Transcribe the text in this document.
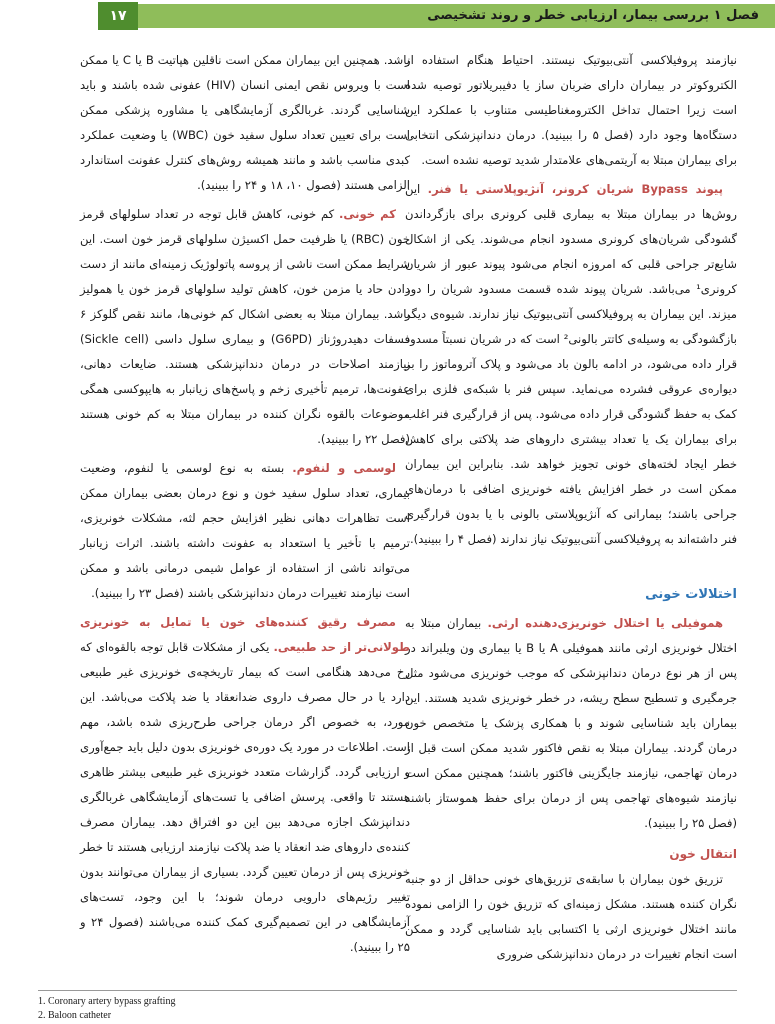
فصل ۱ بررسی بیمار، ارزیابی خطر و روند تشخیصی
۱۷

نیازمند پروفیلاکسی آنتی‌بیوتیک نیستند. احتیاط هنگام استفاده از الکتروکوتر در بیماران دارای ضربان ساز یا دفیبریلاتور توصیه شده است زیرا احتمال تداخل الکترومغناطیسی متناوب با عملکرد این دستگاه‌ها وجود دارد (فصل ۵ را ببینید). درمان دندانپزشکی انتخابی برای بیماران مبتلا به آریتمی‌های علامتدار شدید توصیه نشده است.

پیوند Bypass شریان کرونر، آنژیوپلاستی یا فنر. این روش‌ها در بیماران مبتلا به بیماری قلبی کرونری برای بازگرداندن گشودگی شریان‌های کرونری مسدود انجام می‌شوند. یکی از اشکال شایع‌تر جراحی قلبی که امروزه انجام می‌شود پیوند عبور از شریان کرونری¹ می‌باشد. شریان پیوند شده قسمت مسدود شریان را دور میزند. این بیماران به پروفیلاکسی آنتی‌بیوتیک نیاز ندارند. شیوه‌ی دیگر بازگشودگی به وسیله‌ی کاتتر بالونی² است که در شریان نسبتاً مسدود قرار داده می‌شود، در ادامه بالون باد می‌شود و پلاک آتروماتوز را بر دیواره‌ی عروقی فشرده می‌نماید. سپس فنر با شبکه‌ی فلزی برای کمک به حفظ گشودگی قرار داده می‌شود. پس از قرارگیری فنر اغلب برای بیماران یک یا تعداد بیشتری داروهای ضد پلاکتی برای کاهش خطر ایجاد لخته‌های خونی تجویز خواهد شد. بنابراین این بیماران ممکن است در خطر افزایش یافته خونریزی اضافی با درمان‌های جراحی باشند؛ بیمارانی که آنژیوپلاستی بالونی با یا بدون قرارگیری فنر داشته‌اند به پروفیلاکسی آنتی‌بیوتیک نیاز ندارند (فصل ۴ را ببینید).

اختلالات خونی

هموفیلی یا اختلال خونریزی‌دهنده ارثی. بیماران مبتلا به اختلال خونریزی ارثی مانند هموفیلی A یا B یا بیماری ون ویلبراند در پس از هر نوع درمان دندانپزشکی که موجب خونریزی می‌شود مثل جرمگیری و تسطیح سطح ریشه، در خطر خونریزی شدید هستند. این بیماران باید شناسایی شوند و با همکاری پزشک یا متخصص خون درمان گردند. بیماران مبتلا به نقص فاکتور شدید ممکن است قبل از درمان تهاجمی، نیازمند جایگزینی فاکتور باشند؛ همچنین ممکن است نیازمند شیوه‌های تهاجمی پس از درمان برای حفظ هموستاز باشند (فصل ۲۵ را ببینید).

انتقال خون

تزریق خون بیماران با سابقه‌ی تزریق‌های خونی حداقل از دو جنبه نگران کننده هستند. مشکل زمینه‌ای که تزریق خون را الزامی نموده مانند اختلال خونریزی ارثی یا اکتسابی باید شناسایی گردد و ممکن است انجام تغییرات در درمان دندانپزشکی ضروری

باشد. همچنین این بیماران ممکن است ناقلین هپاتیت B یا C یا ممکن است با ویروس نقص ایمنی انسان (HIV) عفونی شده باشند و باید شناسایی گردند. غربالگری آزمایشگاهی یا مشاوره پزشکی ممکن است برای تعیین تعداد سلول سفید خون (WBC) یا وضعیت عملکرد کبدی مناسب باشد و مانند همیشه روش‌های کنترل عفونت استاندارد الزامی هستند (فصول ۱۰، ۱۸ و ۲۴ را ببینید).

کم خونی. کم خونی، کاهش قابل توجه در تعداد سلولهای قرمز خون (RBC) یا ظرفیت حمل اکسیژن سلولهای قرمز خون است. این شرایط ممکن است ناشی از پروسه پاتولوژیک زمینه‌ای مانند از دست دادن حاد یا مزمن خون، کاهش تولید سلولهای قرمز خون یا همولیز باشد. بیماران مبتلا به بعضی اشکال کم خونی‌ها، مانند نقص گلوکز ۶ فسفات دهیدروژناز (G6PD) و بیماری سلول داسی (Sickle cell) نیازمند اصلاحات در درمان دندانپزشکی هستند. ضایعات دهانی، عفونت‌ها، ترمیم تأخیری زخم و پاسخ‌های زیانبار به هایپوکسی همگی موضوعات بالقوه نگران کننده در بیماران مبتلا به کم خونی هستند (فصل ۲۲ را ببینید).

لوسمی و لنفوم. بسته به نوع لوسمی یا لنفوم، وضعیت بیماری، تعداد سلول سفید خون و نوع درمان بعضی بیماران ممکن است تظاهرات دهانی نظیر افزایش حجم لثه، مشکلات خونریزی، ترمیم با تأخیر یا استعداد به عفونت داشته باشند. اثرات زیانبار می‌تواند ناشی از استفاده از عوامل شیمی درمانی باشد و ممکن است نیازمند تغییرات درمان دندانپزشکی باشند (فصل ۲۳ را ببینید).

مصرف رقیق کننده‌های خون یا تمایل به خونریزی طولانی‌تر از حد طبیعی. یکی از مشکلات قابل توجه بالقوه‌ای که رخ می‌دهد هنگامی است که بیمار تاریخچه‌ی خونریزی غیر طبیعی دارد یا در حال مصرف داروی ضدانعقاد یا ضد پلاکت می‌باشد. این مورد، به خصوص اگر درمان جراحی طرح‌ریزی شده باشد، مهم است. اطلاعات در مورد یک دوره‌ی خونریزی بدون دلیل باید جمع‌آوری و ارزیابی گردد. گزارشات متعدد خونریزی غیر طبیعی بیشتر ظاهری هستند تا واقعی. پرسش اضافی یا تست‌های آزمایشگاهی غربالگری دندانپزشک اجازه می‌دهد بین این دو افتراق دهد. بیماران مصرف کننده‌ی داروهای ضد انعقاد یا ضد پلاکت نیازمند ارزیابی هستند تا خطر خونریزی پس از درمان تعیین گردد. بسیاری از بیماران می‌توانند بدون تغییر رژیم‌های دارویی درمان شوند؛ با این وجود، تست‌های آزمایشگاهی در این تصمیم‌گیری کمک کننده می‌باشند (فصول ۲۴ و ۲۵ را ببینید).

1. Coronary artery bypass grafting
2. Baloon catheter
